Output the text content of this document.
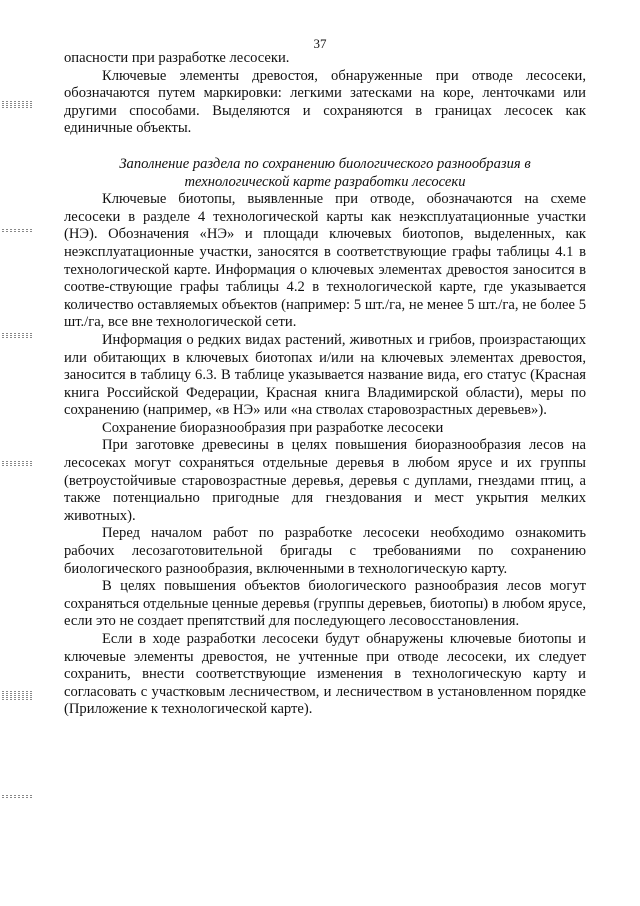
37

опасности при разработке лесосеки.

Ключевые элементы древостоя, обнаруженные при отводе лесосеки, обозначаются путем маркировки: легкими затесками на коре, ленточками или другими способами. Выделяются и сохраняются в границах лесосек как единичные объекты.

Заполнение раздела по сохранению биологического разнообразия в технологической карте разработки лесосеки

Ключевые биотопы, выявленные при отводе, обозначаются на схеме лесосеки в разделе 4 технологической карты как неэксплуатационные участки (НЭ). Обозначения «НЭ» и площади ключевых биотопов, выделенных, как неэксплуатационные участки, заносятся в соответствующие графы таблицы 4.1 в технологической карте. Информация о ключевых элементах древостоя заносится в соотве-ствующие графы таблицы 4.2 в технологической карте, где указывается количество оставляемых объектов (например: 5 шт./га, не менее 5 шт./га, не более 5 шт./га, все вне технологической сети.

Информация о редких видах растений, животных и грибов, произрастающих или обитающих в ключевых биотопах и/или на ключевых элементах древостоя, заносится в таблицу 6.3. В таблице указывается название вида, его статус (Красная книга Российской Федерации, Красная книга Владимирской области), меры по сохранению (например, «в НЭ» или «на стволах старовозрастных деревьев»).

Сохранение биоразнообразия при разработке лесосеки

При заготовке древесины в целях повышения биоразнообразия лесов на лесосеках могут сохраняться отдельные деревья в любом ярусе и их группы (ветроустойчивые старовозрастные деревья, деревья с дуплами, гнездами птиц, а также потенциально пригодные для гнездования и мест укрытия мелких животных).

Перед началом работ по разработке лесосеки необходимо ознакомить рабочих лесозаготовительной бригады с требованиями по сохранению биологического разнообразия, включенными в технологическую карту.

В целях повышения объектов биологического разнообразия лесов могут сохраняться отдельные ценные деревья (группы деревьев, биотопы) в любом ярусе, если это не создает препятствий для последующего лесовосстановления.

Если в ходе разработки лесосеки будут обнаружены ключевые биотопы и ключевые элементы древостоя, не учтенные при отводе лесосеки, их следует сохранить, внести соответствующие изменения в технологическую карту и согласовать с участковым лесничеством, и лесничеством в установленном порядке (Приложение к технологической карте).
